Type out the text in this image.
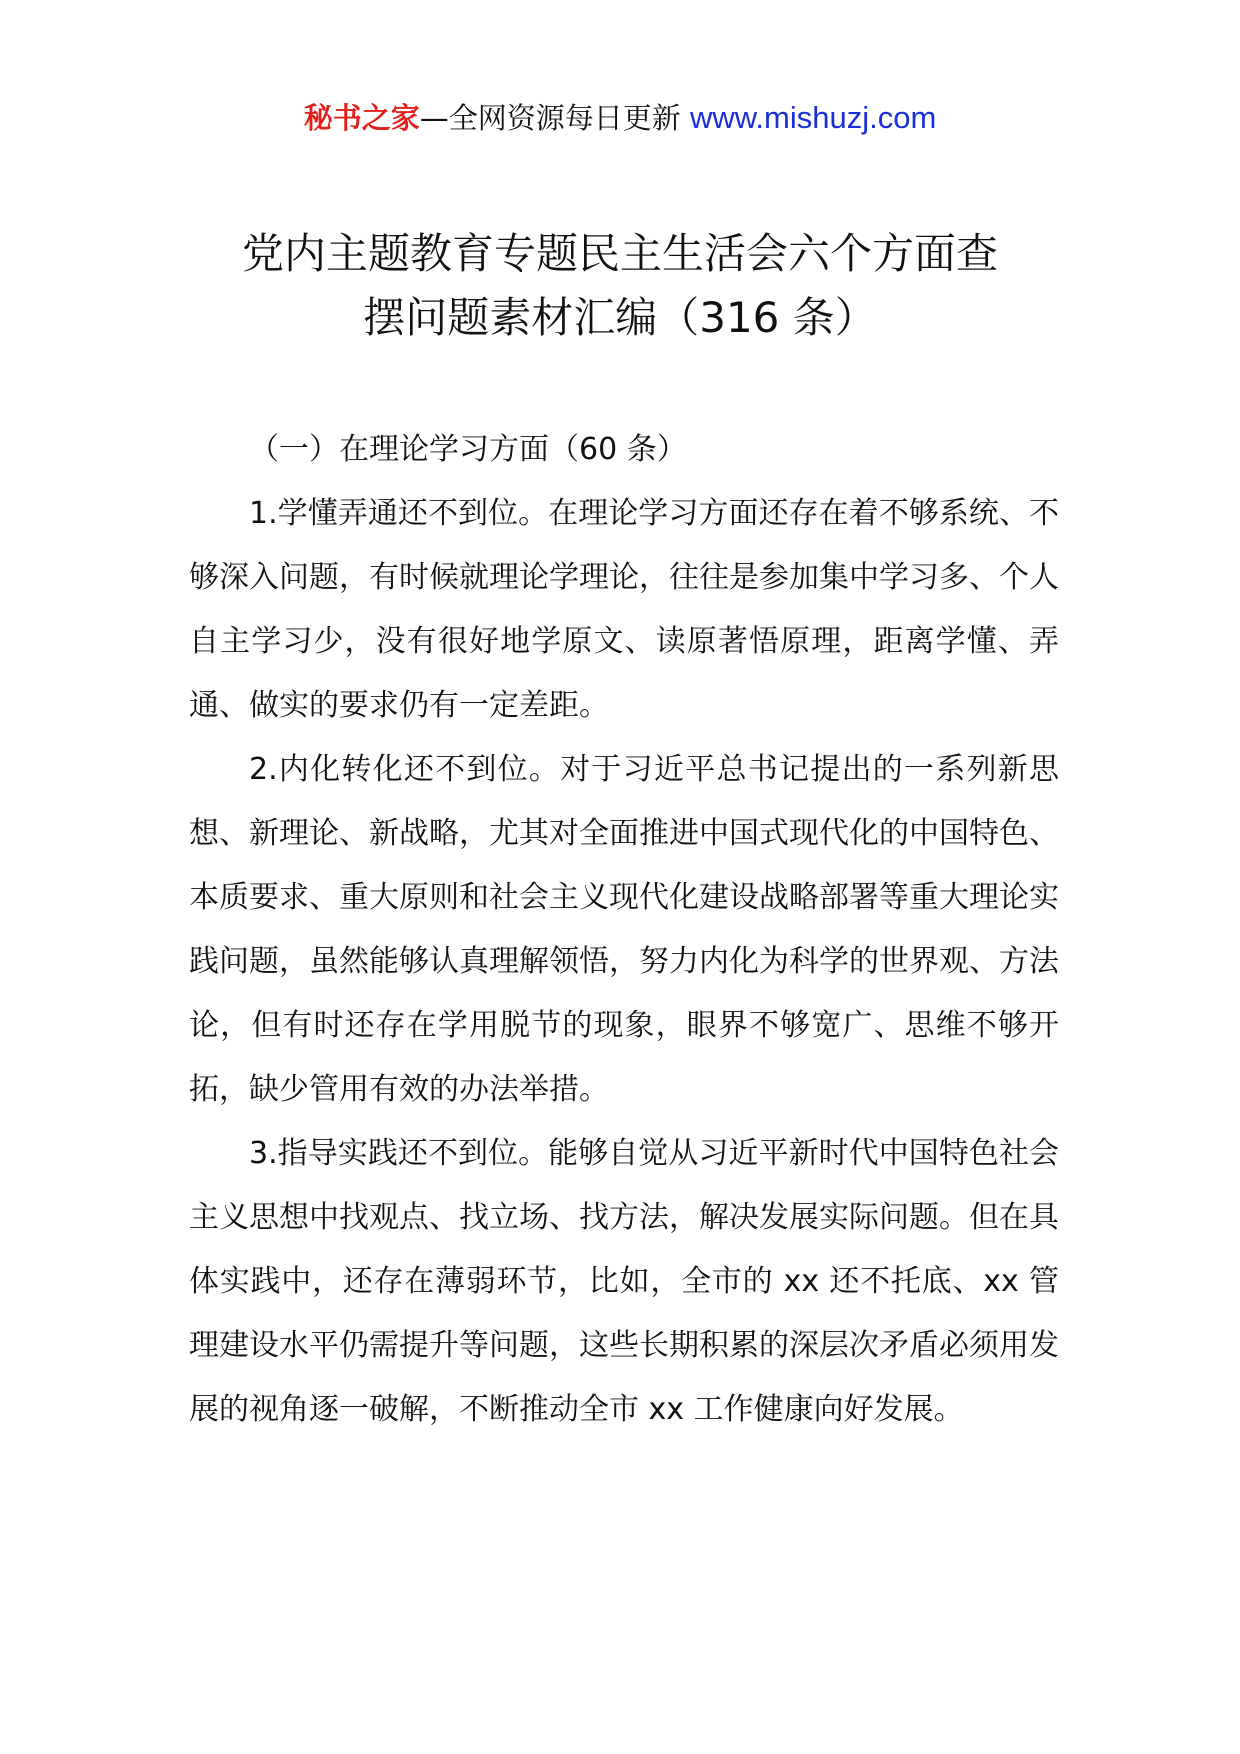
秘书之家—全网资源每日更新 www.mishuzj.com
党内主题教育专题民主生活会六个方面查
摆问题素材汇编（316 条）

（一）在理论学习方面（60 条）

1.学懂弄通还不到位。在理论学习方面还存在着不够系统、不够深入问题，有时候就理论学理论，往往是参加集中学习多、个人自主学习少，没有很好地学原文、读原著悟原理，距离学懂、弄通、做实的要求仍有一定差距。

2.内化转化还不到位。对于习近平总书记提出的一系列新思想、新理论、新战略，尤其对全面推进中国式现代化的中国特色、本质要求、重大原则和社会主义现代化建设战略部署等重大理论实践问题，虽然能够认真理解领悟，努力内化为科学的世界观、方法论，但有时还存在学用脱节的现象，眼界不够宽广、思维不够开拓，缺少管用有效的办法举措。

3.指导实践还不到位。能够自觉从习近平新时代中国特色社会主义思想中找观点、找立场、找方法，解决发展实际问题。但在具体实践中，还存在薄弱环节，比如，全市的 xx 还不托底、xx 管理建设水平仍需提升等问题，这些长期积累的深层次矛盾必须用发展的视角逐一破解，不断推动全市 xx 工作健康向好发展。
